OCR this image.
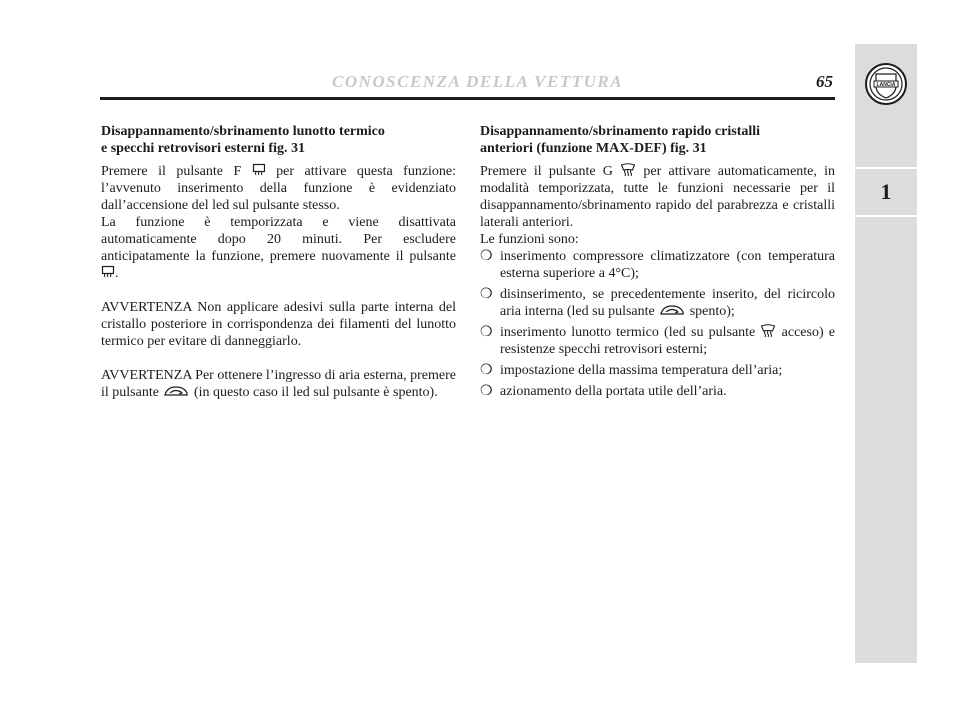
CONOSCENZA DELLA VETTURA	65	LANCIA
1
Disappannamento/sbrinamento lunotto termico
e specchi retrovisori esterni fig. 31

Premere il pulsante F per attivare questa funzione: l’avvenuto inserimento della funzione è evidenziato dall’accensione del led sul pulsante stesso.

La funzione è temporizzata e viene disattivata automaticamente dopo 20 minuti. Per escludere anticipatamente la funzione, premere nuovamente il pulsante .

AVVERTENZA Non applicare adesivi sulla parte interna del cristallo posteriore in corrispondenza dei filamenti del lunotto termico per evitare di danneggiarlo.

AVVERTENZA Per ottenere l’ingresso di aria esterna, premere il pulsante	(in questo caso il led sul pulsante è spento).

Disappannamento/sbrinamento rapido cristalli
anteriori (funzione MAX-DEF) fig. 31

Premere il pulsante G per attivare automaticamente, in modalità temporizzata, tutte le funzioni necessarie per il disappannamento/sbrinamento rapido del parabrezza e cristalli laterali anteriori.

Le funzioni sono:

❍ inserimento compressore climatizzatore (con temperatura esterna superiore a 4°C);
❍ disinserimento, se precedentemente inserito, del ricircolo aria interna (led su pulsante	spento);
❍ inserimento lunotto termico (led su pulsante acceso) e resistenze specchi retrovisori esterni;
❍ impostazione della massima temperatura dell’aria;
❍ azionamento della portata utile dell’aria.
